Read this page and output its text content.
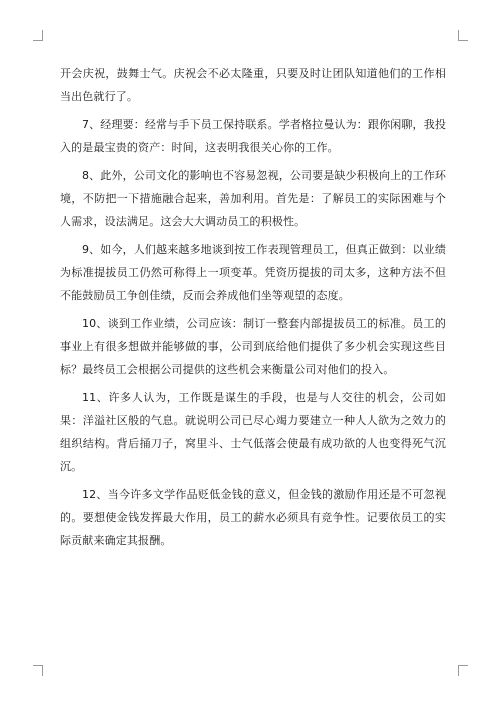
开会庆祝，鼓舞士气。庆祝会不必太隆重，只要及时让团队知道他们的工作相当出色就行了。

7、经理要：经常与手下员工保持联系。学者格拉曼认为：跟你闲聊，我投入的是最宝贵的资产：时间，这表明我很关心你的工作。

8、此外，公司文化的影响也不容易忽视，公司要是缺少积极向上的工作环境，不防把一下措施融合起来，善加利用。首先是：了解员工的实际困难与个人需求，设法满足。这会大大调动员工的积极性。

9、如今，人们越来越多地谈到按工作表现管理员工，但真正做到：以业绩为标准提拔员工仍然可称得上一项变革。凭资历提拔的司太多，这种方法不但不能鼓励员工争创佳绩，反而会养成他们坐等观望的态度。

10、谈到工作业绩，公司应该：制订一整套内部提拔员工的标准。员工的事业上有很多想做并能够做的事，公司到底给他们提供了多少机会实现这些目标？最终员工会根据公司提供的这些机会来衡量公司对他们的投入。

11、许多人认为，工作既是谋生的手段，也是与人交往的机会，公司如果：洋溢社区般的气息。就说明公司已尽心竭力要建立一种人人欲为之效力的组织结构。背后捅刀子，窝里斗、士气低落会使最有成功欲的人也变得死气沉沉。

12、当今许多文学作品贬低金钱的意义，但金钱的激励作用还是不可忽视的。要想使金钱发挥最大作用，员工的薪水必须具有竞争性。记要依员工的实际贡献来确定其报酬。
